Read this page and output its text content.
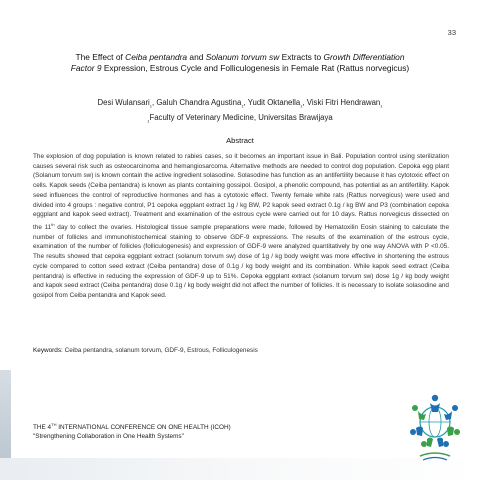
33
The Effect of Ceiba pentandra and Solanum torvum sw Extracts to Growth Differentiation
Factor 9 Expression, Estrous Cycle and Folliculogenesis in Female Rat (Rattus norvegicus)
Desi Wulansari$_1$, Galuh Chandra Agustina$_1$, Yudit Oktanella$_1$, Viski Fitri Hendrawan$_1$
$_1$Faculty of Veterinary Medicine, Universitas Brawijaya
Abstract
The explosion of dog population is known related to rabies cases, so it becomes an important issue in Bali. Population control using sterilization causes several risk such as osteocarcinoma and hemangiosarcoma. Alternative methods are needed to control dog population. Cepoka egg plant (Solanum torvum sw) is known contain the active ingredient solasodine. Solasodine has function as an antifertility because it has cytotoxic effect on cells. Kapok seeds (Ceiba pentandra) is known as plants containing gossipol. Gosipol, a phenolic compound, has potential as an antifertility. Kapok seed influences the control of reproductive hormones and has a cytotoxic effect. Twenty female white rats (Rattus norvegicus) were used and divided into 4 groups : negative control, P1 cepoka eggplant extract 1g / kg BW, P2 kapok seed extract 0.1g / kg BW and P3 (combination cepoka eggplant and kapok seed extract). Treatment and examination of the estrous cycle were carried out for 10 days. Rattus norvegicus dissected on the 11th day to collect the ovaries. Histological tissue sample preparations were made, followed by Hematoxilin Eosin staining to calculate the number of follicles and immunohistochemical staining to observe GDF-9 expressions. The results of the examination of the estrous cycle, examination of the number of follicles (folliculogenesis) and expression of GDF-9 were analyzed quantitatively by one way ANOVA with P <0.05. The results showed that cepoka eggplant extract (solanum torvum sw) dose of 1g / kg body weight was more effective in shortening the estrous cycle compared to cotton seed extract (Ceiba pentandra) dose of 0.1g / kg body weight and its combination. While kapok seed extract (Ceiba pentandra) is effective in reducing the expression of GDF-9 up to 51%. Cepoka eggplant extract (solanum torvum sw) dose 1g / kg body weight and kapok seed extract (Ceiba pentandra) dose 0.1g / kg body weight did not affect the number of follicles. It is necessary to isolate solasodine and gosipol from Ceiba pentandra and Kapok seed.
Keywords: Ceiba pentandra, solanum torvum, GDF-9, Estrous, Folliculogenesis
THE 4TH INTERNATIONAL CONFERENCE ON ONE HEALTH (ICOH)
"Strengthening Collaboration in One Health Systems"
